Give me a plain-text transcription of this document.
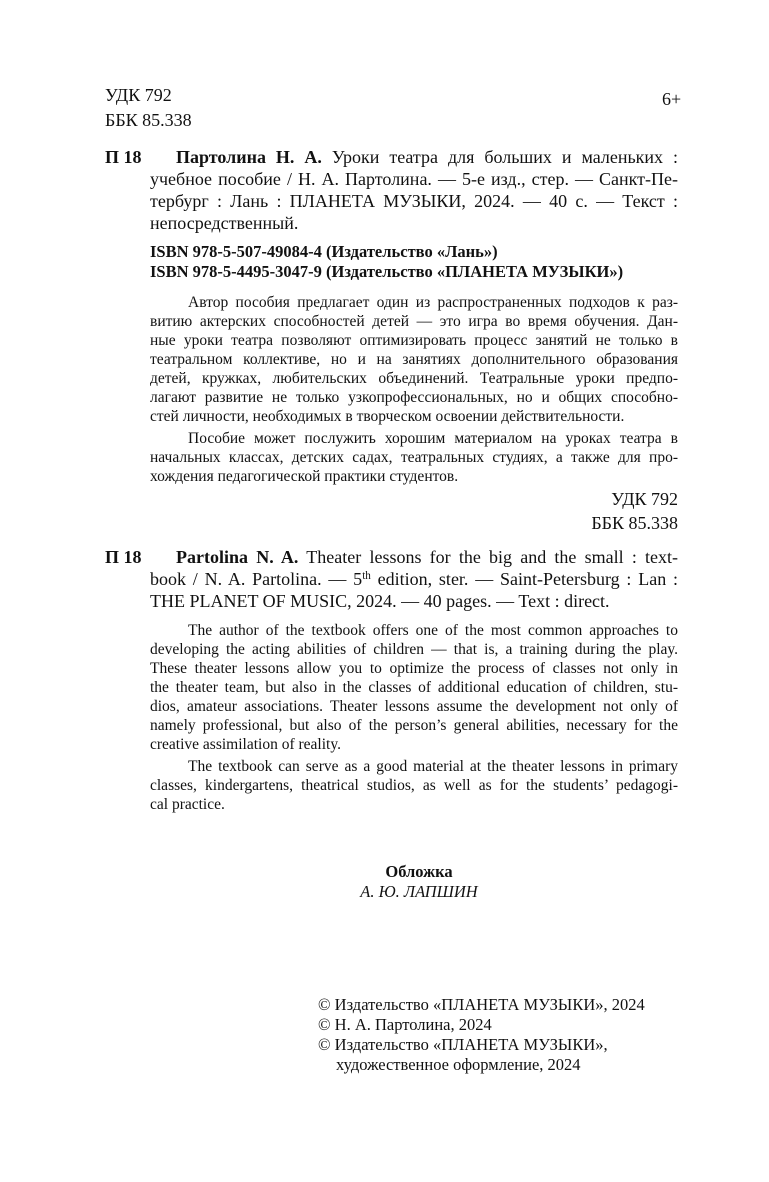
УДК 792
ББК 85.338
6+
П 18 Партолина Н. А. Уроки театра для больших и маленьких :
учебное пособие / Н. А. Партолина. — 5-е изд., стер. — Санкт-Пе-
тербург : Лань : ПЛАНЕТА МУЗЫКИ, 2024. — 40 с. — Текст :
непосредственный.
ISBN 978-5-507-49084-4 (Издательство «Лань»)
ISBN 978-5-4495-3047-9 (Издательство «ПЛАНЕТА МУЗЫКИ»)
Автор пособия предлагает один из распространенных подходов к раз-
витию актерских способностей детей — это игра во время обучения. Дан-
ные уроки театра позволяют оптимизировать процесс занятий не только в
театральном коллективе, но и на занятиях дополнительного образования
детей, кружках, любительских объединений. Театральные уроки предпо-
лагают развитие не только узкопрофессиональных, но и общих способно-
стей личности, необходимых в творческом освоении действительности.
Пособие может послужить хорошим материалом на уроках театра в
начальных классах, детских садах, театральных студиях, а также для про-
хождения педагогической практики студентов.
УДК 792
ББК 85.338
П 18 Partolina N. A. Theater lessons for the big and the small : text-
book / N. A. Partolina. — 5th edition, ster. — Saint-Petersburg : Lan :
THE PLANET OF MUSIC, 2024. — 40 pages. — Text : direct.
The author of the textbook offers one of the most common approaches to
developing the acting abilities of children — that is, a training during the play.
These theater lessons allow you to optimize the process of classes not only in
the theater team, but also in the classes of additional education of children, stu-
dios, amateur associations. Theater lessons assume the development not only of
namely professional, but also of the person’s general abilities, necessary for the
creative assimilation of reality.
The textbook can serve as a good material at the theater lessons in primary
classes, kindergartens, theatrical studios, as well as for the students’ pedagogi-
cal practice.
Обложка
А. Ю. ЛАПШИН
© Издательство «ПЛАНЕТА МУЗЫКИ», 2024
© Н. А. Партолина, 2024
© Издательство «ПЛАНЕТА МУЗЫКИ»,
художественное оформление, 2024
